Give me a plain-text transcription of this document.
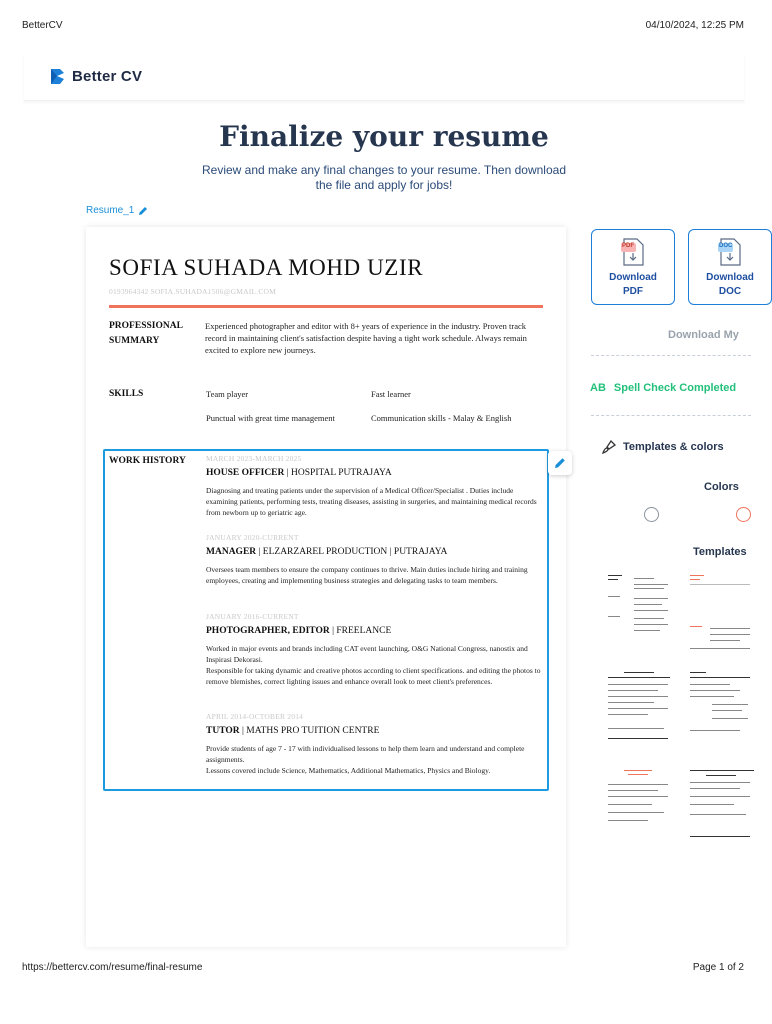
BetterCV	04/10/2024, 12:25 PM
Better CV
Finalize your resume
Review and make any final changes to your resume. Then download the file and apply for jobs!
Resume_1
SOFIA SUHADA MOHD UZIR
0193964342 SOFIA.SUHADA1506@GMAIL.COM
PROFESSIONAL SUMMARY
Experienced photographer and editor with 8+ years of experience in the industry. Proven track record in maintaining client's satisfaction despite having a tight work schedule. Always remain excited to explore new journeys.
SKILLS	Team player	Fast learner
Punctual with great time management	Communication skills - Malay & English
WORK HISTORY	MARCH 2023-MARCH 2025
HOUSE OFFICER | HOSPITAL PUTRAJAYA
Diagnosing and treating patients under the supervision of a Medical Officer/Specialist . Duties include examining patients, performing tests, treating diseases, assisting in surgeries, and maintaining medical records from newborn up to geriatric age.
JANUARY 2020-CURRENT
MANAGER | ELZARZAREL PRODUCTION | PUTRAJAYA
Oversees team members to ensure the company continues to thrive. Main duties include hiring and training employees, creating and implementing business strategies and delegating tasks to team members.
JANUARY 2016-CURRENT
PHOTOGRAPHER, EDITOR | FREELANCE
Worked in major events and brands including CAT event launching, O&G National Congress, nanostix and Inspirasi Dekorasi.
Responsible for taking dynamic and creative photos according to client specifications. and editing the photos to remove blemishes, correct lighting issues and enhance overall look to meet client's preferences.
APRIL 2014-OCTOBER 2014
TUTOR | MATHS PRO TUITION CENTRE
Provide students of age 7 - 17 with individualised lessons to help them learn and understand and complete assignments.
Lessons covered include Science, Mathematics, Additional Mathematics, Physics and Biology.
PDF
Download PDF
DOC
Download DOC
Download My
AB Spell Check Completed
Templates & colors
Colors
Templates
https://bettercv.com/resume/final-resume	Page 1 of 2
